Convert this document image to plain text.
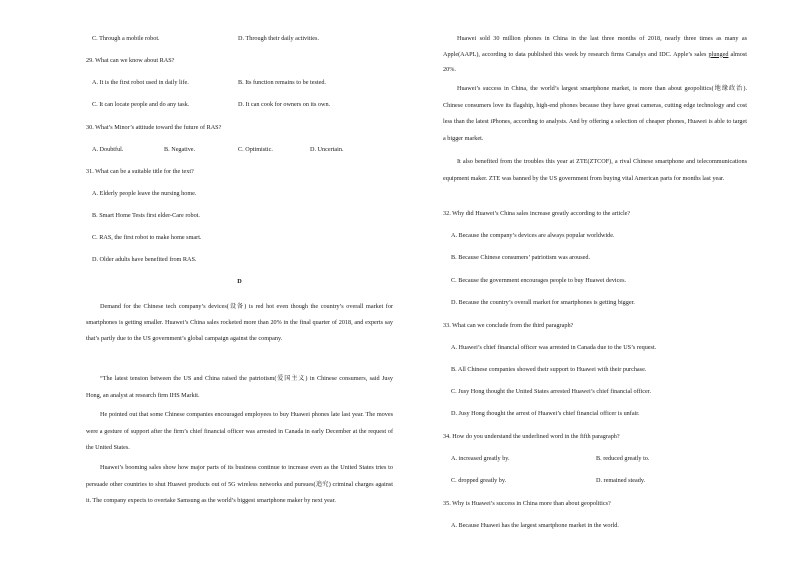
C. Through a mobile robot.	D. Through their daily activities.
29. What can we know about RAS?
A. It is the first robot used in daily life.	B. Its function remains to be tested.
C. It can locate people and do any task.	D. It can cook for owners on its own.
30. What’s Minor’s attitude toward the future of RAS?
A. Doubtful.	B. Negative.	C. Optimistic.	D. Uncertain.
31. What can be a suitable title for the text?
A. Elderly people leave the nursing home.
B. Smart Home Tests first elder-Care robot.
C. RAS, the first robot to make home smart.
D. Older adults have benefited from RAS.
D

Demand for the Chinese tech company’s devices(设备) is red hot even though the country’s overall market for smartphones is getting smaller. Huawei’s China sales rocketed more than 20% in the final quarter of 2018, and experts say that’s partly due to the US government’s global campaign against the company.

“The latest tension between the US and China raised the patriotism(爱国主义) in Chinese consumers, said Jusy Hong, an analyst at research firm IHS Markit.

He pointed out that some Chinese companies encouraged employees to buy Huawei phones late last year. The moves were a gesture of support after the firm’s chief financial officer was arrested in Canada in early December at the request of the United States.

Huawei’s booming sales show how major parts of its business continue to increase even as the United States tries to persuade other countries to shut Huawei products out of 5G wireless networks and pursues(追究) criminal charges against it. The company expects to overtake Samsung as the world’s biggest smartphone maker by next year.

Huawei sold 30 million phones in China in the last three months of 2018, nearly three times as many as Apple(AAPL), according to data published this week by research firms Canalys and IDC. Apple’s sales plunged almost 20%.

Huawei’s success in China, the world’s largest smartphone market, is more than about geopolitics(地缘政治). Chinese consumers love its flagship, high-end phones because they have great cameras, cutting edge technology and cost less than the latest iPhones, according to analysts. And by offering a selection of cheaper phones, Huawei is able to target a bigger market.

It also benefited from the troubles this year at ZTE(ZTCOF), a rival Chinese smartphone and telecommunications equipment maker. ZTE was banned by the US government from buying vital American parts for months last year.

32. Why did Huawei’s China sales increase greatly according to the article?
A. Because the company’s devices are always popular worldwide.
B. Because Chinese consumers’ patriotism was aroused.
C. Because the government encourages people to buy Huawei devices.
D. Because the country’s overall market for smartphones is getting bigger.
33. What can we conclude from the third paragraph?
A. Huawei’s chief financial officer was arrested in Canada due to the US’s request.
B. All Chinese companies showed their support to Huawei with their purchase.
C. Jusy Hong thought the United States arrested Huawei’s chief financial officer.
D. Jusy Hong thought the arrest of Huawei’s chief financial officer is unfair.
34. How do you understand the underlined word in the fifth paragraph?
A. increased greatly by.	B. reduced greatly to.
C. dropped greatly by.	D. remained steady.
35. Why is Huawei’s success in China more than about geopolitics?
A. Because Huawei has the largest smartphone market in the world.
